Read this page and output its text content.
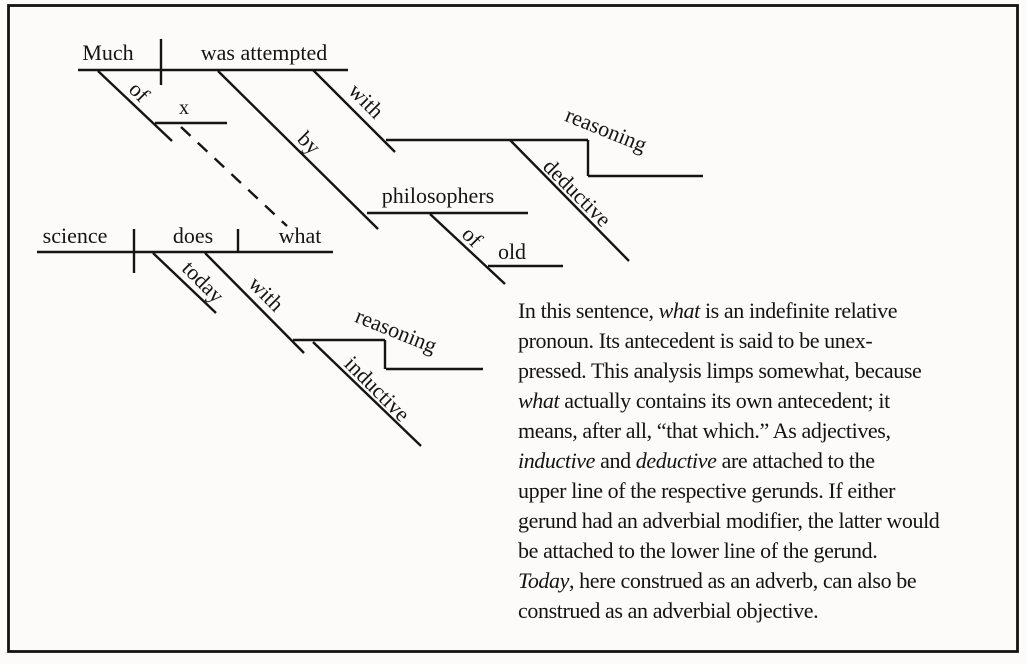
Much	was attempted
of
x
by
philosophers
of old
with
reasoning
deductive
science	does	what
today with
reasoning
inductive
In this sentence, what is an indefinite relative
pronoun. Its antecedent is said to be unex-
pressed. This analysis limps somewhat, because
what actually contains its own antecedent; it
means, after all, “that which.” As adjectives,
inductive and deductive are attached to the
upper line of the respective gerunds. If either
gerund had an adverbial modifier, the latter would
be attached to the lower line of the gerund.
Today, here construed as an adverb, can also be
construed as an adverbial objective.
